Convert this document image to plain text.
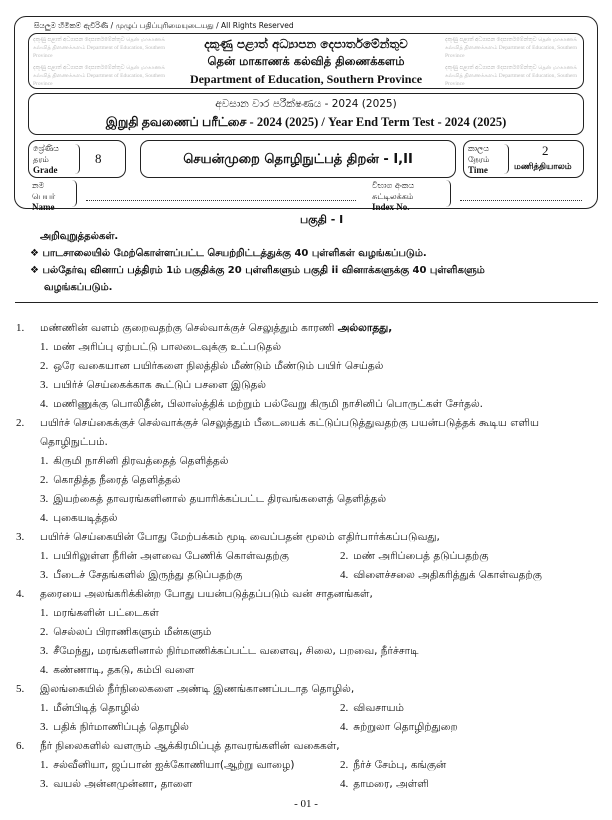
සියලුම හිමිකම් ඇවිරිණි / முழுப் பதிப்புரிமையுடையது / All Rights Reserved
දකුණු පළාත් අධ්‍යාපන දෙපාර්තමේන්තුව தென் மாகாணக் கல்வித் திணைக்களம் Department of Education, Southern Province
දකුණු පළාත් අධ්‍යාපන දෙපාර්තමේන්තුව தென் மாகாணக் கல்வித் திணைக்களம் Department of Education, Southern Province
දකුණු පළාත් අධ්‍යාපන දෙපාර්තමේන්තුව தென் மாகாணக் கல்வித் திணைக்களம் Department of Education, Southern Province
දකුණු පළාත් අධ්‍යාපන දෙපාර්තමේන්තුව தென் மாகாணக் கல்வித் திணைக்களம் Department of Education, Southern Province
දකුණු පළාත් අධ්‍යාපන දෙපාර්තමේන්තුව
தென் மாகாணக் கல்வித் திணைக்களம்
Department of Education, Southern Province
අවසාන වාර පරීක්ෂණය - 2024 (2025)
இறுதி தவணைப் பரீட்சை - 2024 (2025) / Year End Term Test - 2024 (2025)
ශ්‍රේණිය
தரம்
Grade
8	செயன்முறை தொழிநுட்பத் திறன் - I,II
කාලය
நேரம்
Time
2
மணித்தியாலம்
නම
பெயர்
Name
විභාග අංකය
சுட்டிலக்கம்
Index No.
பகுதி - I
அறிவுறுத்தல்கள்.
❖ பாடசாலையில் மேற்கொள்ளப்பட்ட செயற்றிட்டத்துக்கு 40 புள்ளிகள் வழங்கப்படும்.
❖ பல்தேர்வு வினாப் பத்திரம் 1ம் பகுதிக்கு 20 புள்ளிகளும் பகுதி ii வினாக்களுக்கு 40 புள்ளிகளும்
வழங்கப்படும்.
1. மண்ணின் வளம் குறைவதற்கு செல்வாக்குச் செலுத்தும் காரணி அல்லாதது,
1. மண் அரிப்பு ஏற்பட்டு பாலடைவுக்கு உட்படுதல்
2. ஒரே வகையான பயிர்களை நிலத்தில் மீண்டும் மீண்டும் பயிர் செய்தல்
3. பயிர்ச் செய்கைக்காக கூட்டுப் பசளை இடுதல்
4. மணிணுக்கு பொலிதீன், பிலாஸ்த்திக் மற்றும் பல்வேறு கிருமி நாசினிப் பொருட்கள் சேர்தல்.
2. பயிர்ச் செய்கைக்குச் செல்வாக்குச் செலுத்தும் பீடையைக் கட்டுப்படுத்துவதற்கு பயன்படுத்தக் கூடிய எளிய
தொழிநுட்பம்.
1. கிருமி நாசினி திரவத்தைத் தெளித்தல்
2. கொதித்த நீரைத் தெளித்தல்
3. இயற்கைத் தாவரங்களினால் தயாரிக்கப்பட்ட திரவங்களைத் தெளித்தல்
4. புகையடித்தல்
3. பயிர்ச் செய்கையின் போது மேற்பக்கம் மூடி வைப்பதன் மூலம் எதிர்பார்க்கப்படுவது,
1. பயிரிலுள்ள நீரின் அளவை பேணிக் கொள்வதற்கு	2. மண் அரிப்பைத் தடுப்பதற்கு
3. பீடைச் சேதங்களில் இருந்து தடுப்பதற்கு	4. விளைச்சலை அதிகரித்துக் கொள்வதற்கு
4. தரையை அலங்கரிக்கின்ற போது பயன்படுத்தப்படும் வன் சாதனங்கள்,
1. மரங்களின் பட்டைகள்
2. செல்லப் பிராணிகளும் மீன்களும்
3. சீமேந்து, மரங்களினால் நிர்மாணிக்கப்பட்ட வளைவு, சிலை, பறவை, நீர்ச்சாடி
4. கண்ணாடி, தகடு, கம்பி வளை
5. இலங்கையில் நீர்நிலைகளை அண்டி இணங்காணப்படாத தொழில்,
1. மீன்பிடித் தொழில்	2. விவசாயம்
3. பதிக் நிர்மாணிப்புத் தொழில்	4. சுற்றுலா தொழிற்துறை
6. நீர் நிலைகளில் வளரும் ஆக்கிரமிப்புத் தாவரங்களின் வகைகள்,
1. சல்வீனியா, ஜப்பான் ஐக்கோணியா(ஆற்று வாழை)	2. நீர்ச் சேம்பு, கங்குன்
3. வயல் அன்னமுன்னா, தாளை	4. தாமரை, அள்ளி
- 01 -
